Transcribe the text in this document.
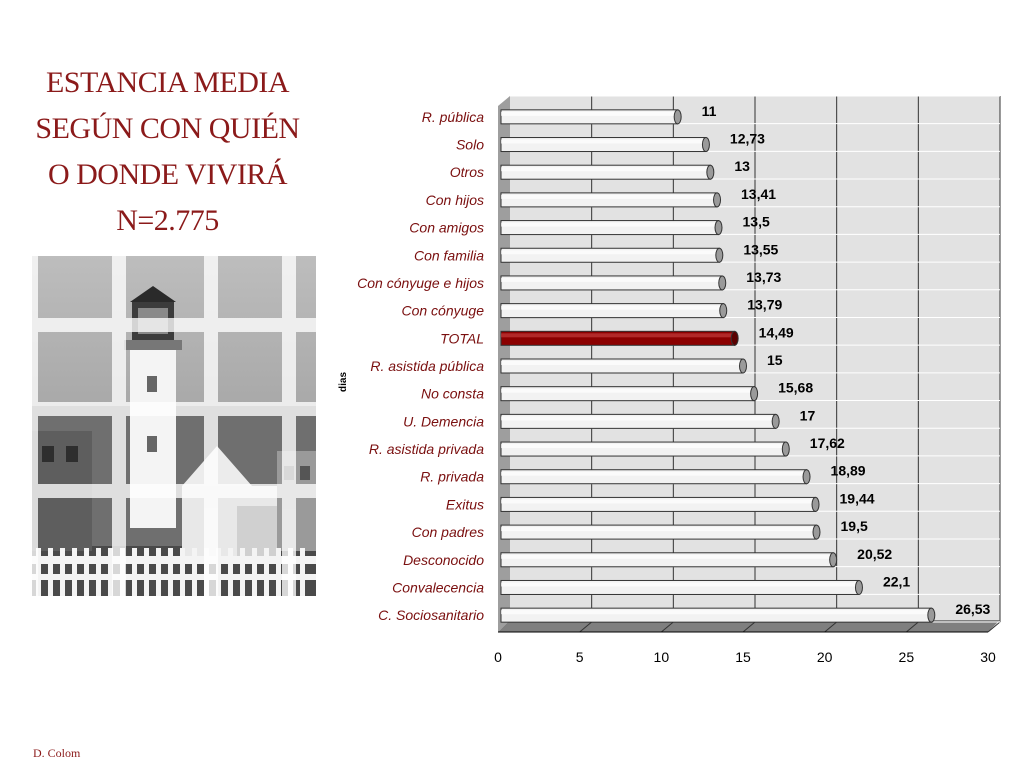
ESTANCIA MEDIA
SEGÚN CON QUIÉN
O DONDE VIVIRÁ
N=2.775
R. pública
Solo
Otros
Con hijos
Con amigos
Con familia
Con cónyuge e hijos
Con cónyuge
TOTAL
R. asistida pública
No consta
U. Demencia
R. asistida privada
R. privada
Exitus
Con padres
Desconocido
Convalecencia
C. Sociosanitario
11
12,73
13
13,41
13,5
13,55
13,73
13,79
14,49
15
15,68
17
17,62
18,89
19,44
19,5
20,52
22,1
26,53
0	5	10	15	20	25	30
dias
D. Colom
